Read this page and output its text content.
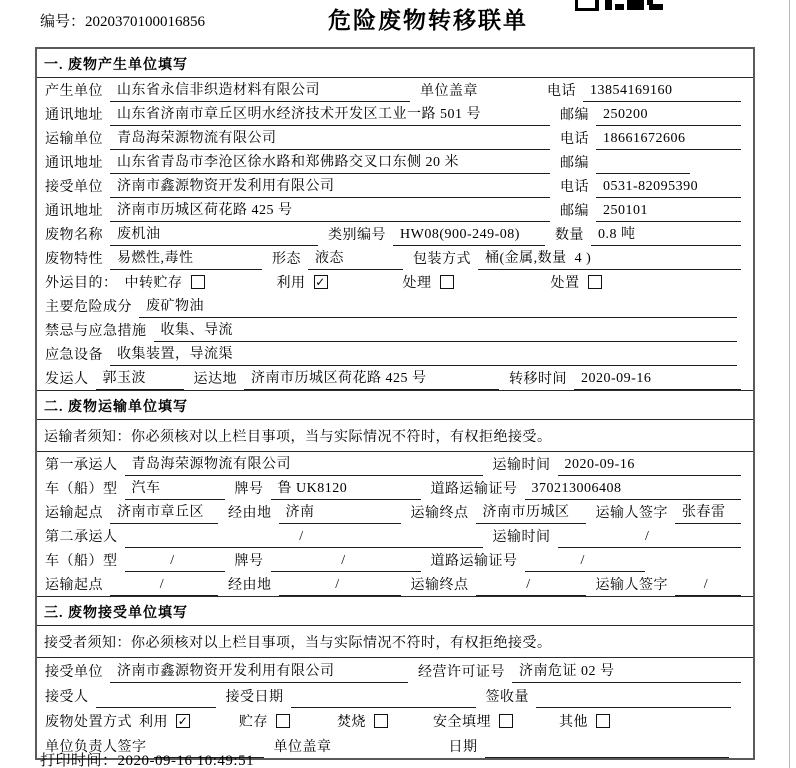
编号：2020370100016856	危险废物转移联单
一. 废物产生单位填写
产生单位	山东省永信非织造材料有限公司	单位盖章	电话	13854169160
通讯地址	山东省济南市章丘区明水经济技术开发区工业一路 501 号	邮编	250200
运输单位	青岛海荣源物流有限公司	电话	18661672606
通讯地址	山东省青岛市李沧区徐水路和郑佛路交叉口东侧 20 米	邮编
接受单位	济南市鑫源物资开发利用有限公司	电话	0531-82095390
通讯地址	济南市历城区荷花路 425 号	邮编	250101
废物名称	废机油	类别编号	HW08(900-249-08)	数量	0.8 吨
废物特性	易燃性,毒性	形态	液态	包装方式	桶(金属,数量  4 )
外运目的： 中转贮存	利用 ✓	处理	处置
主要危险成分	废矿物油
禁忌与应急措施	收集、导流
应急设备	收集装置，导流渠
发运人	郭玉波	运达地	济南市历城区荷花路 425 号	转移时间	2020-09-16
二. 废物运输单位填写
运输者须知：你必须核对以上栏目事项，当与实际情况不符时，有权拒绝接受。
第一承运人	青岛海荣源物流有限公司	运输时间	2020-09-16
车（船）型	汽车	牌号	鲁 UK8120	道路运输证号	370213006408
运输起点	济南市章丘区	经由地	济南	运输终点	济南市历城区	运输人签字	张春雷
第二承运人	/	运输时间	/
车（船）型	/	牌号	/	道路运输证号	/
运输起点	/	经由地	/	运输终点	/	运输人签字	/
三. 废物接受单位填写
接受者须知：你必须核对以上栏目事项，当与实际情况不符时，有权拒绝接受。
接受单位	济南市鑫源物资开发利用有限公司	经营许可证号	济南危证 02 号
接受人	接受日期	签收量
废物处置方式 利用 ✓	贮存	焚烧	安全填埋	其他
单位负责人签字	单位盖章	日期
打印时间：2020-09-16 10:49:51
